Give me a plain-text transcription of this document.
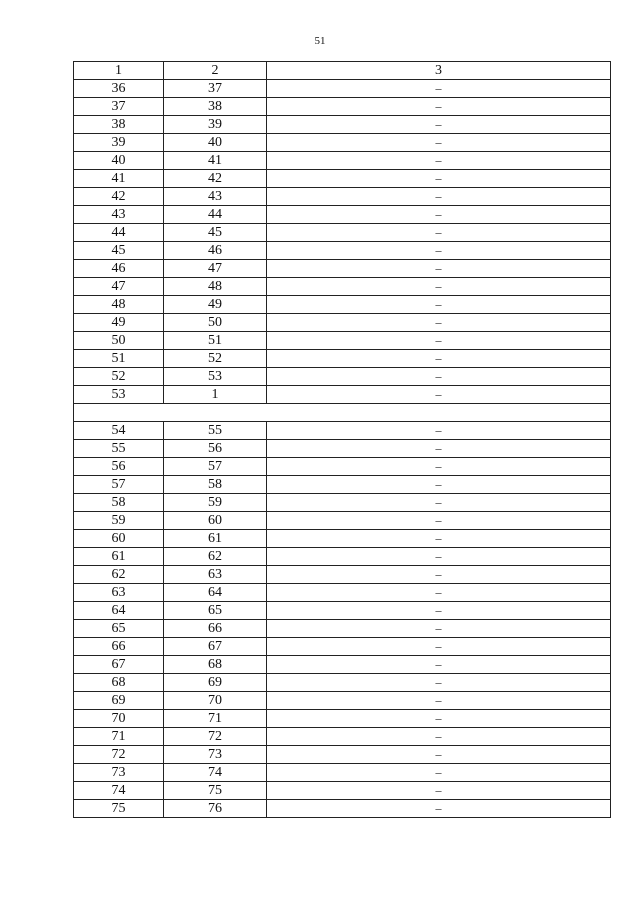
51
1	2	3
36	37	–
37	38	–
38	39	–
39	40	–
40	41	–
41	42	–
42	43	–
43	44	–
44	45	–
45	46	–
46	47	–
47	48	–
48	49	–
49	50	–
50	51	–
51	52	–
52	53	–
53	1	–

54	55	–
55	56	–
56	57	–
57	58	–
58	59	–
59	60	–
60	61	–
61	62	–
62	63	–
63	64	–
64	65	–
65	66	–
66	67	–
67	68	–
68	69	–
69	70	–
70	71	–
71	72	–
72	73	–
73	74	–
74	75	–
75	76	–
